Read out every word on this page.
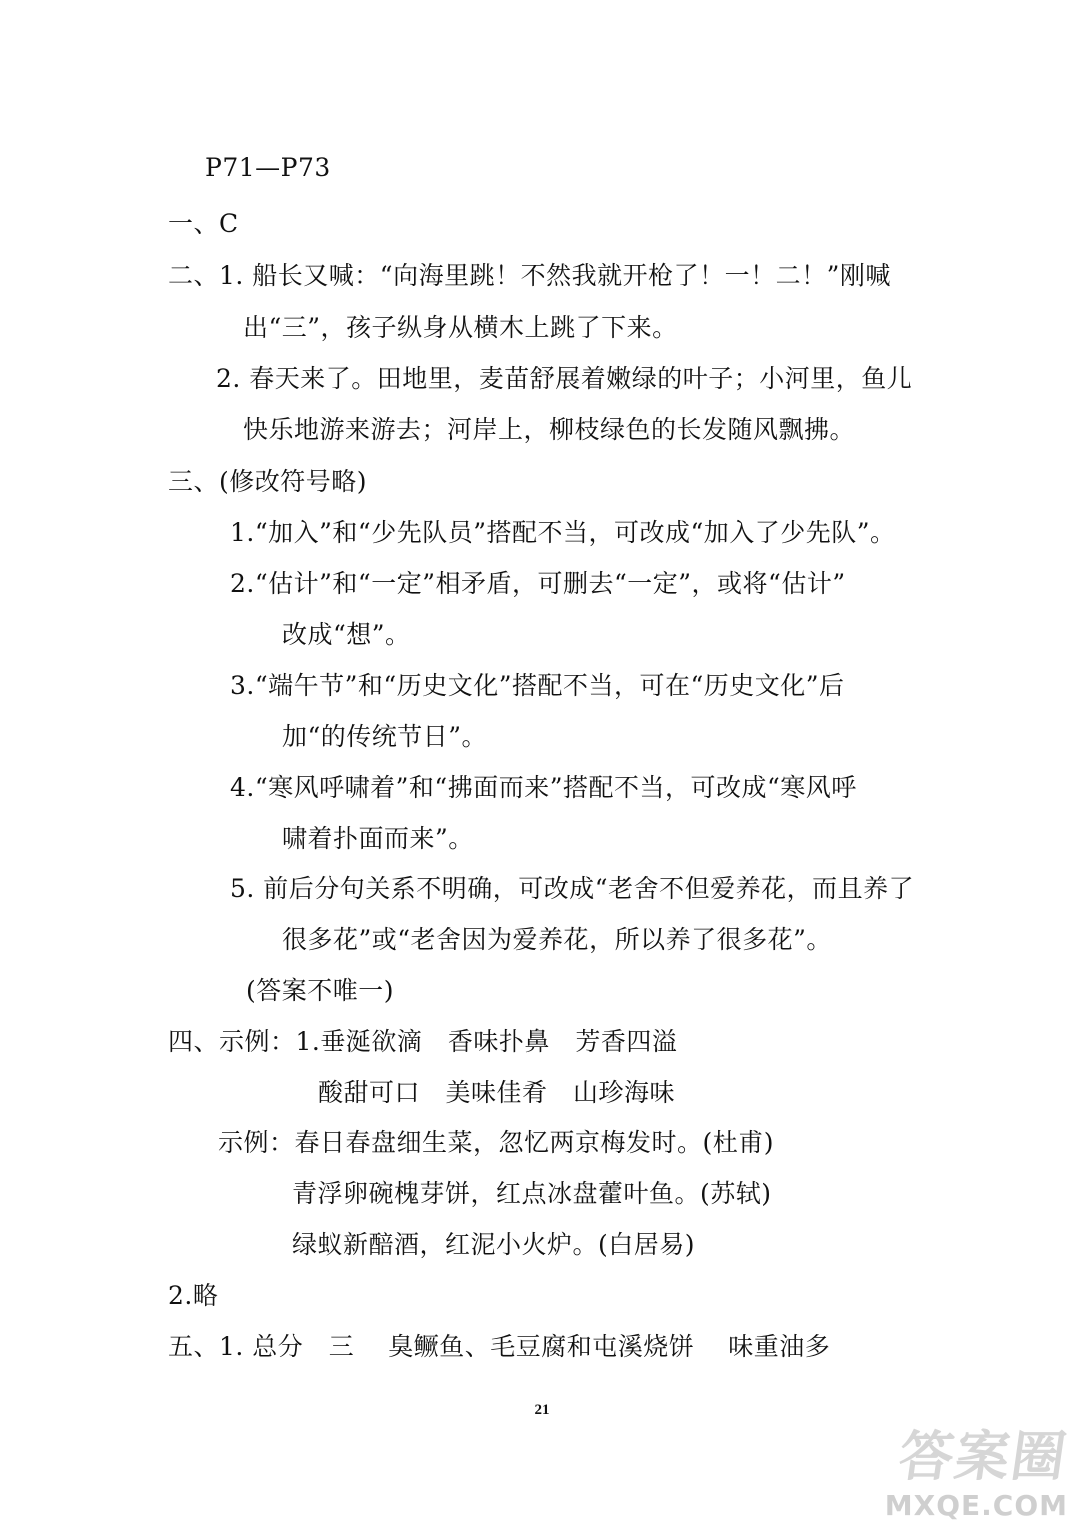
P71—P73
一、C
二、1. 船长又喊：“向海里跳！不然我就开枪了！一！二！”刚喊
出“三”，孩子纵身从横木上跳了下来。
2. 春天来了。田地里，麦苗舒展着嫩绿的叶子；小河里，鱼儿
快乐地游来游去；河岸上，柳枝绿色的长发随风飘拂。
三、(修改符号略)
1.“加入”和“少先队员”搭配不当，可改成“加入了少先队”。
2.“估计”和“一定”相矛盾，可删去“一定”，或将“估计”
改成“想”。
3.“端午节”和“历史文化”搭配不当，可在“历史文化”后
加“的传统节日”。
4.“寒风呼啸着”和“拂面而来”搭配不当，可改成“寒风呼
啸着扑面而来”。
5. 前后分句关系不明确，可改成“老舍不但爱养花，而且养了
很多花”或“老舍因为爱养花，所以养了很多花”。
(答案不唯一)
四、示例：1.垂涎欲滴　香味扑鼻　芳香四溢
酸甜可口　美味佳肴　山珍海味
示例：春日春盘细生菜，忽忆两京梅发时。(杜甫)
青浮卵碗槐芽饼，红点冰盘藿叶鱼。(苏轼)
绿蚁新醅酒，红泥小火炉。(白居易)
2.略
五、1. 总分　三　 臭鳜鱼、毛豆腐和屯溪烧饼　 味重油多
21
答案圈
MXQE.COM
